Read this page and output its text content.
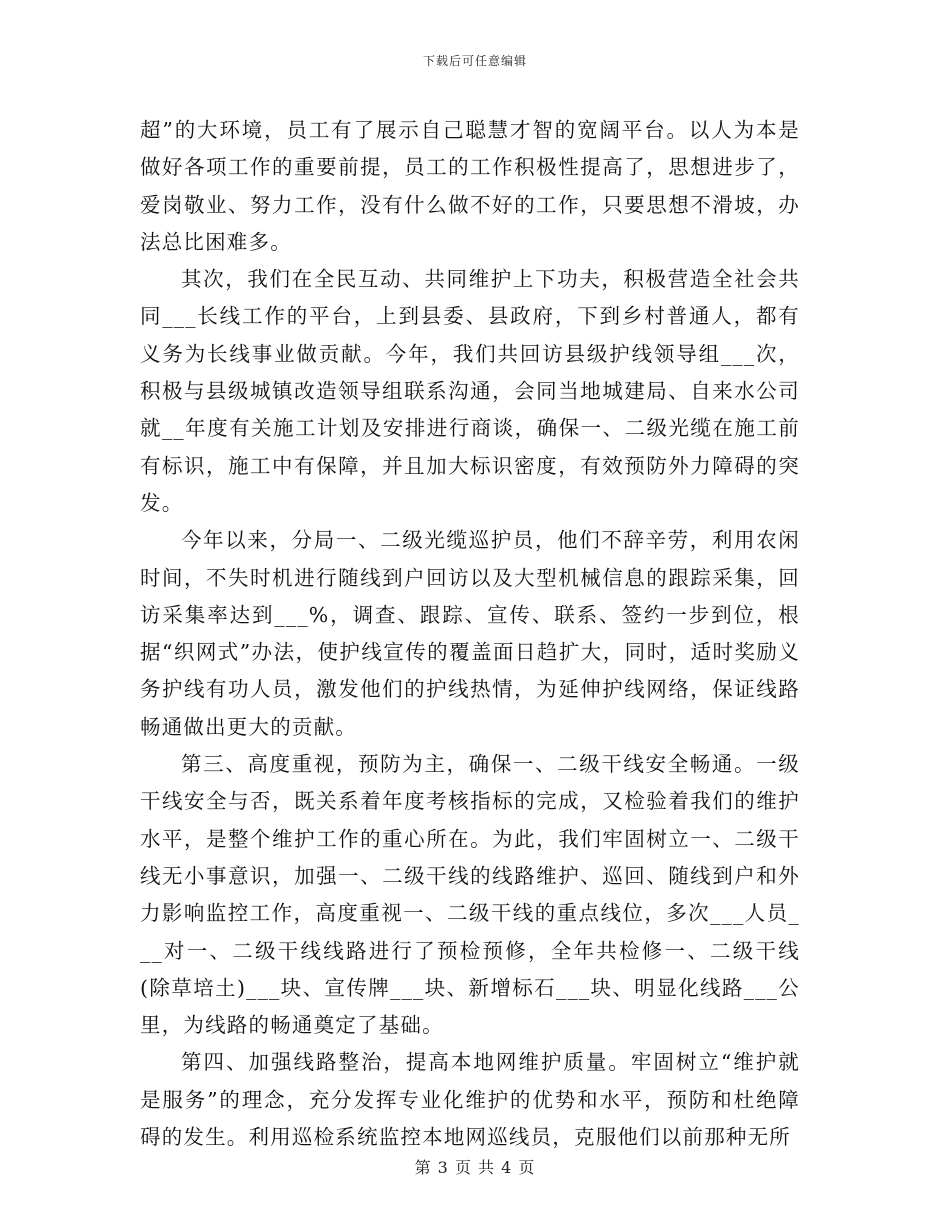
下载后可任意编辑

超”的大环境，员工有了展示自己聪慧才智的宽阔平台。以人为本是做好各项工作的重要前提，员工的工作积极性提高了，思想进步了，爱岗敬业、努力工作，没有什么做不好的工作，只要思想不滑坡，办法总比困难多。

其次，我们在全民互动、共同维护上下功夫，积极营造全社会共同___长线工作的平台，上到县委、县政府，下到乡村普通人，都有义务为长线事业做贡献。今年，我们共回访县级护线领导组___次，积极与县级城镇改造领导组联系沟通，会同当地城建局、自来水公司就__年度有关施工计划及安排进行商谈，确保一、二级光缆在施工前有标识，施工中有保障，并且加大标识密度，有效预防外力障碍的突发。

今年以来，分局一、二级光缆巡护员，他们不辞辛劳，利用农闲时间，不失时机进行随线到户回访以及大型机械信息的跟踪采集，回访采集率达到___%，调查、跟踪、宣传、联系、签约一步到位，根据“织网式”办法，使护线宣传的覆盖面日趋扩大，同时，适时奖励义务护线有功人员，激发他们的护线热情，为延伸护线网络，保证线路畅通做出更大的贡献。

第三、高度重视，预防为主，确保一、二级干线安全畅通。一级干线安全与否，既关系着年度考核指标的完成，又检验着我们的维护水平，是整个维护工作的重心所在。为此，我们牢固树立一、二级干线无小事意识，加强一、二级干线的线路维护、巡回、随线到户和外力影响监控工作，高度重视一、二级干线的重点线位，多次___人员___对一、二级干线线路进行了预检预修，全年共检修一、二级干线(除草培土)___块、宣传牌___块、新增标石___块、明显化线路___公里，为线路的畅通奠定了基础。

第四、加强线路整治，提高本地网维护质量。牢固树立“维护就是服务”的理念，充分发挥专业化维护的优势和水平，预防和杜绝障碍的发生。利用巡检系统监控本地网巡线员，克服他们以前那种无所

第 3 页 共 4 页
